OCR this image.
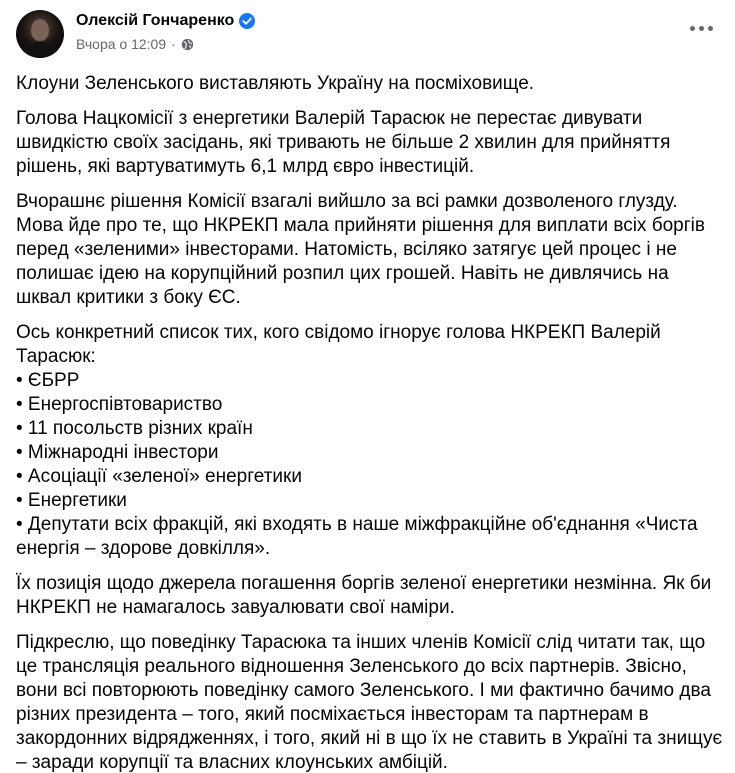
Олексій Гончаренко
Вчора о 12:09 ·
Клоуни Зеленського виставляють Україну на посміховище.
Голова Нацкомісії з енергетики Валерій Тарасюк не перестає дивувати
швидкістю своїх засідань, які тривають не більше 2 хвилин для прийняття
рішень, які вартуватимуть 6,1 млрд євро інвестицій.
Вчорашнє рішення Комісії взагалі вийшло за всі рамки дозволеного глузду.
Мова йде про те, що НКРЕКП мала прийняти рішення для виплати всіх боргів
перед «зеленими» інвесторами. Натомість, всіляко затягує цей процес і не
полишає ідею на корупційний розпил цих грошей. Навіть не дивлячись на
шквал критики з боку ЄС.
Ось конкретний список тих, кого свідомо ігнорує голова НКРЕКП Валерій
Тарасюк:
• ЄБРР
• Енергоспівтовариство
• 11 посольств різних країн
• Міжнародні інвестори
• Асоціації «зеленої» енергетики
• Енергетики
• Депутати всіх фракцій, які входять в наше міжфракційне об'єднання «Чиста
енергія – здорове довкілля».
Їх позиція щодо джерела погашення боргів зеленої енергетики незмінна. Як би
НКРЕКП не намагалось завуалювати свої наміри.
Підкреслю, що поведінку Тарасюка та інших членів Комісії слід читати так, що
це трансляція реального відношення Зеленського до всіх партнерів. Звісно,
вони всі повторюють поведінку самого Зеленського. І ми фактично бачимо два
різних президента – того, який посміхається інвесторам та партнерам в
закордонних відрядженнях, і того, який ні в що їх не ставить в Україні та знищує
– заради корупції та власних клоунських амбіцій.
